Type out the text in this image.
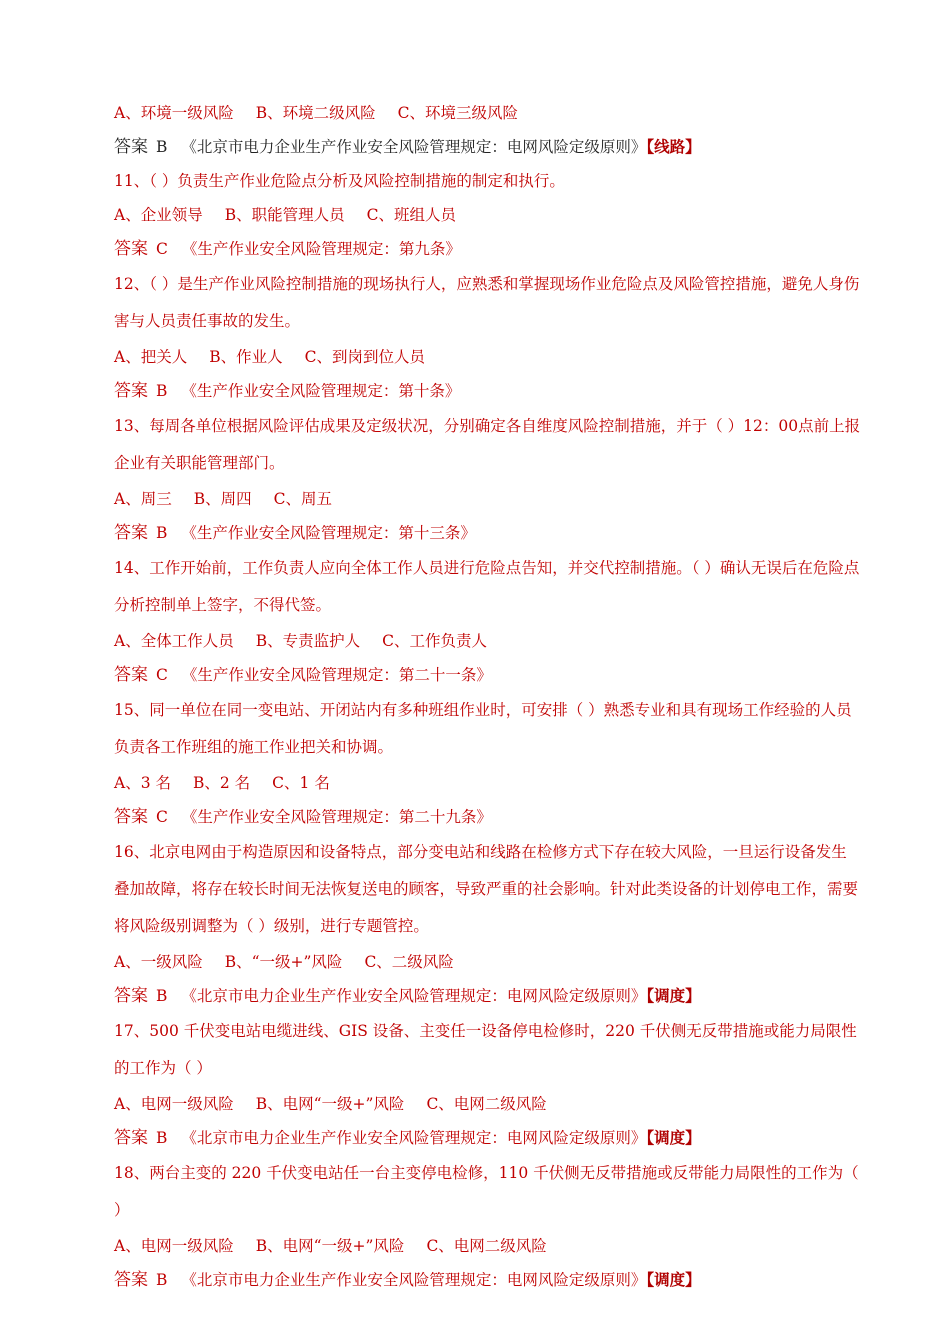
A、环境一级风险 B、环境二级风险 C、环境三级风险
答案 B 《北京市电力企业生产作业安全风险管理规定：电网风险定级原则》【线路】
11、（ ）负责生产作业危险点分析及风险控制措施的制定和执行。
A、企业领导 B、职能管理人员 C、班组人员
答案 C 《生产作业安全风险管理规定：第九条》
12、（ ）是生产作业风险控制措施的现场执行人，应熟悉和掌握现场作业危险点及风险管控措施，避免人身伤害与人员责任事故的发生。
A、把关人 B、作业人 C、到岗到位人员
答案 B 《生产作业安全风险管理规定：第十条》
13、每周各单位根据风险评估成果及定级状况，分别确定各自维度风险控制措施，并于（ ）12：00点前上报企业有关职能管理部门。
A、周三 B、周四 C、周五
答案 B 《生产作业安全风险管理规定：第十三条》
14、工作开始前，工作负责人应向全体工作人员进行危险点告知，并交代控制措施。（ ）确认无误后在危险点分析控制单上签字，不得代签。
A、全体工作人员 B、专责监护人 C、工作负责人
答案 C 《生产作业安全风险管理规定：第二十一条》
15、同一单位在同一变电站、开闭站内有多种班组作业时，可安排（ ）熟悉专业和具有现场工作经验的人员负责各工作班组的施工作业把关和协调。
A、3 名 B、2 名 C、1 名
答案 C 《生产作业安全风险管理规定：第二十九条》
16、北京电网由于构造原因和设备特点，部分变电站和线路在检修方式下存在较大风险，一旦运行设备发生叠加故障，将存在较长时间无法恢复送电的顾客，导致严重的社会影响。针对此类设备的计划停电工作，需要将风险级别调整为（ ）级别，进行专题管控。
A、一级风险 B、“一级+”风险 C、二级风险
答案 B 《北京市电力企业生产作业安全风险管理规定：电网风险定级原则》【调度】
17、500 千伏变电站电缆进线、GIS 设备、主变任一设备停电检修时，220 千伏侧无反带措施或能力局限性的工作为（ ）
A、电网一级风险 B、电网“一级+”风险 C、电网二级风险
答案 B 《北京市电力企业生产作业安全风险管理规定：电网风险定级原则》【调度】
18、两台主变的 220 千伏变电站任一台主变停电检修，110 千伏侧无反带措施或反带能力局限性的工作为（ ）
A、电网一级风险 B、电网“一级+”风险 C、电网二级风险
答案 B 《北京市电力企业生产作业安全风险管理规定：电网风险定级原则》【调度】
